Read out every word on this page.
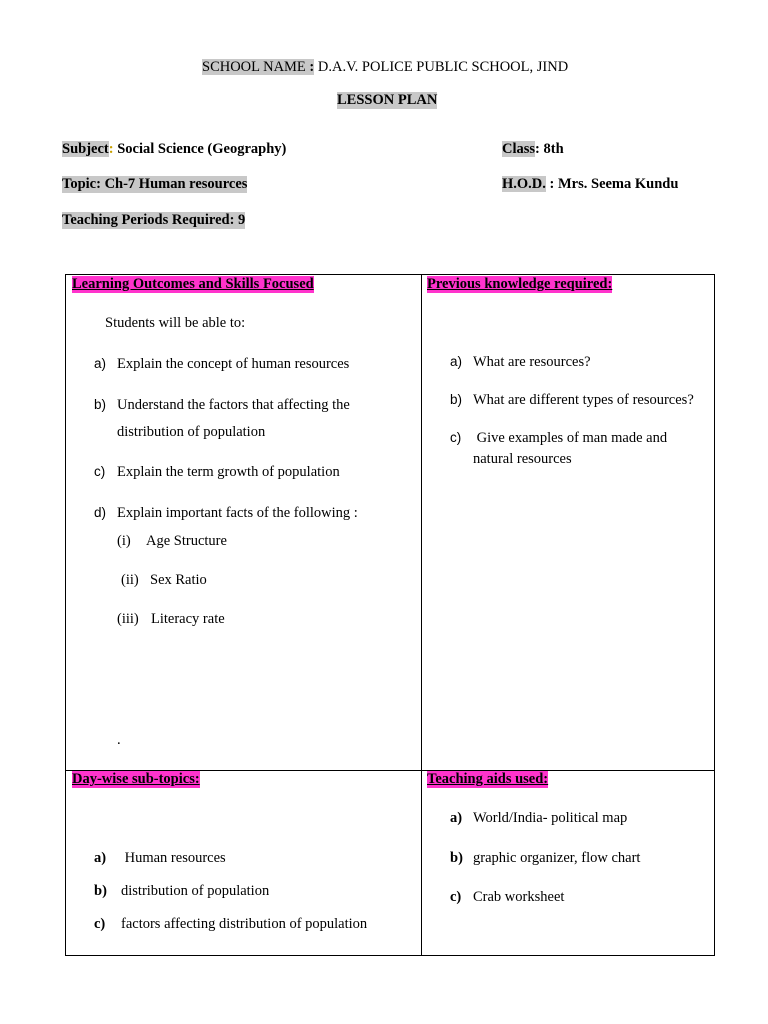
SCHOOL NAME : D.A.V. POLICE PUBLIC SCHOOL, JIND
LESSON PLAN
Subject: Social Science (Geography)	Class: 8th
Topic: Ch-7 Human resources	H.O.D. : Mrs. Seema Kundu
Teaching Periods Required: 9
Learning Outcomes and Skills Focused
Students will be able to:
a) Explain the concept of human resources
b) Understand the factors that affecting the
distribution of population
c) Explain the term growth of population
d) Explain important facts of the following :
(i) Age Structure
(ii) Sex Ratio
(iii) Literacy rate
.
Previous knowledge required:
a) What are resources?
b) What are different types of resources?
c) Give examples of man made and
natural resources
Day-wise sub-topics:
a) Human resources
b) distribution of population
c) factors affecting distribution of population
Teaching aids used:
a) World/India- political map
b) graphic organizer, flow chart
c) Crab worksheet
